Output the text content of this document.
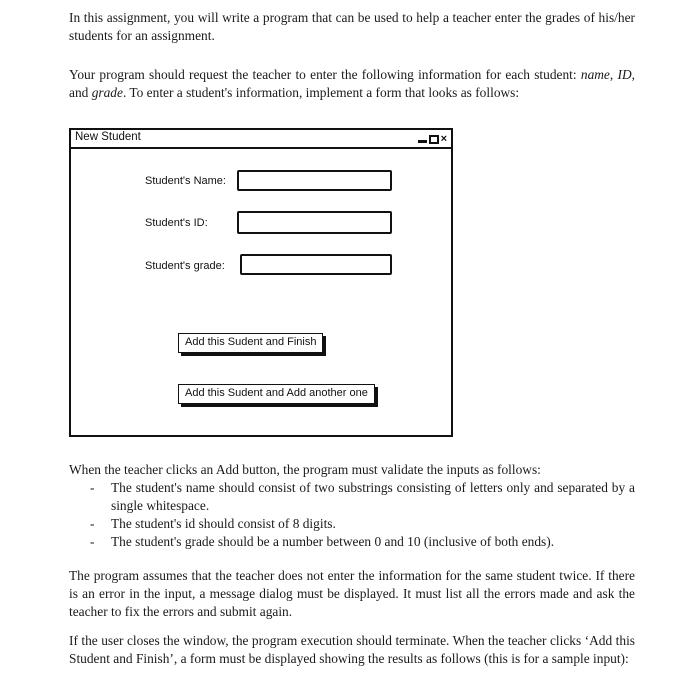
In this assignment, you will write a program that can be used to help a teacher enter the grades of his/her students for an assignment.

Your program should request the teacher to enter the following information for each student: name, ID, and grade. To enter a student's information, implement a form that looks as follows:

New Student	×
Student's Name:
Student's ID:
Student's grade:
Add this Sudent and Finish
Add this Sudent and Add another one

When the teacher clicks an Add button, the program must validate the inputs as follows:

- The student's name should consist of two substrings consisting of letters only and separated by a single whitespace.
- The student's id should consist of 8 digits.
- The student's grade should be a number between 0 and 10 (inclusive of both ends).

The program assumes that the teacher does not enter the information for the same student twice. If there is an error in the input, a message dialog must be displayed. It must list all the errors made and ask the teacher to fix the errors and submit again.

If the user closes the window, the program execution should terminate. When the teacher clicks ‘Add this Student and Finish’, a form must be displayed showing the results as follows (this is for a sample input):
